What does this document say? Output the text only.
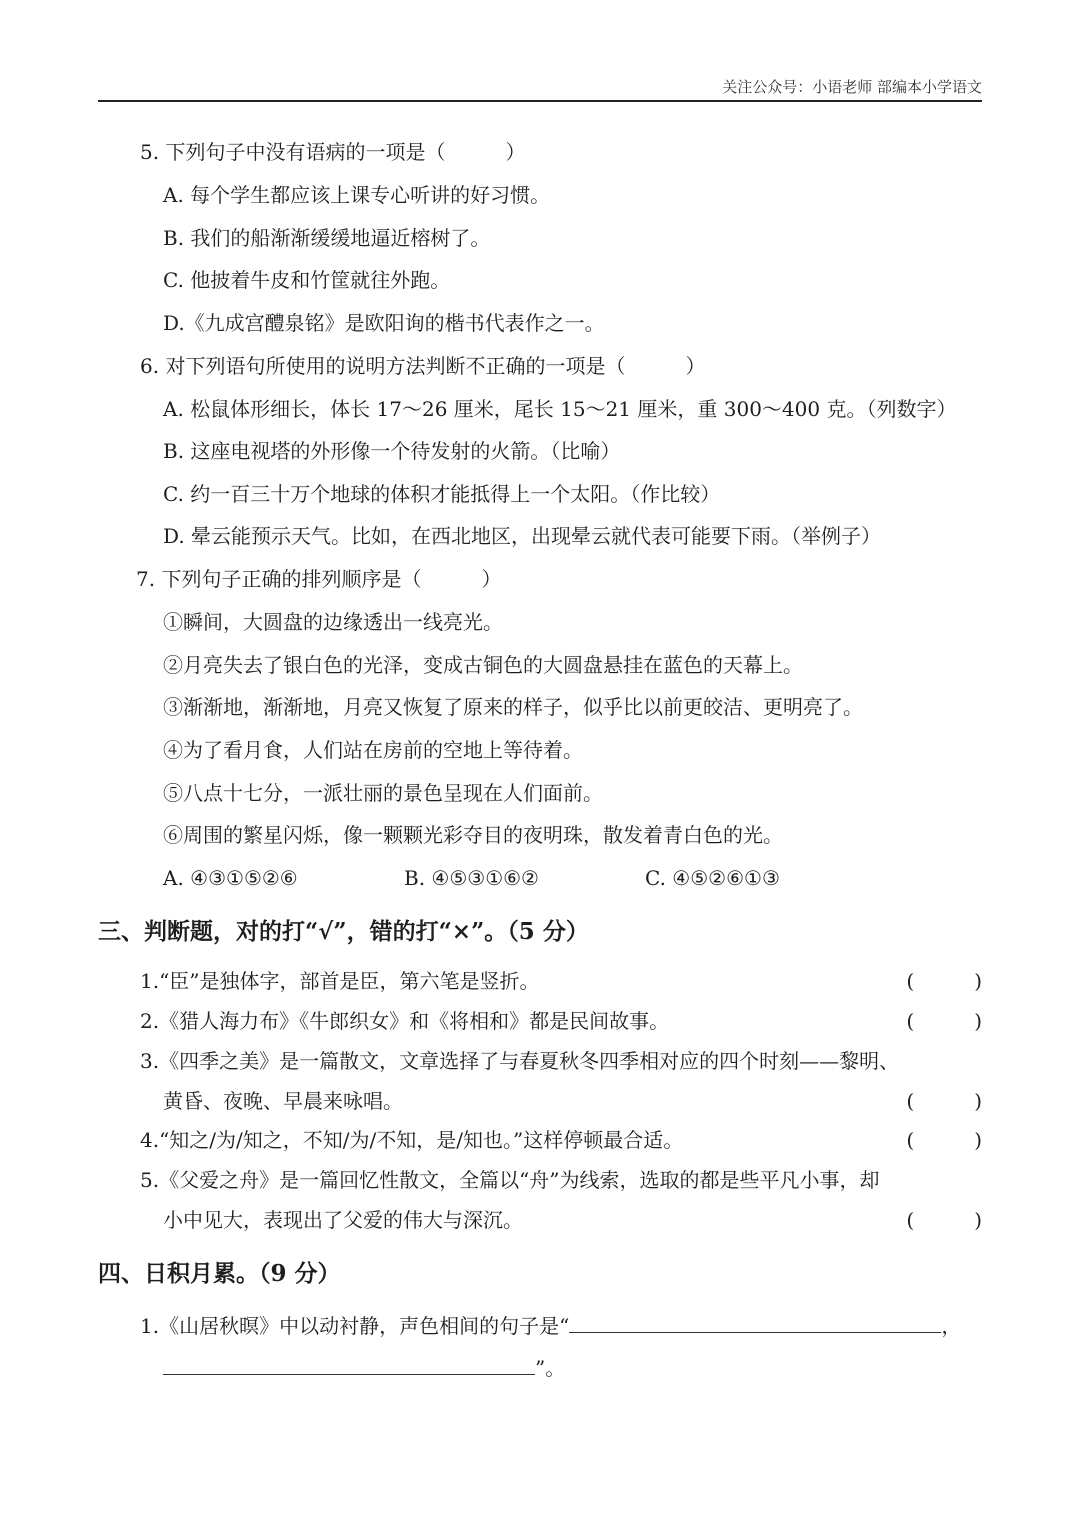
关注公众号：小语老师 部编本小学语文
5. 下列句子中没有语病的一项是（　　　）
A. 每个学生都应该上课专心听讲的好习惯。
B. 我们的船渐渐缓缓地逼近榕树了。
C. 他披着牛皮和竹筐就往外跑。
D.《九成宫醴泉铭》是欧阳询的楷书代表作之一。
6. 对下列语句所使用的说明方法判断不正确的一项是（　　　）
A. 松鼠体形细长，体长 17～26 厘米，尾长 15～21 厘米，重 300～400 克。（列数字）
B. 这座电视塔的外形像一个待发射的火箭。（比喻）
C. 约一百三十万个地球的体积才能抵得上一个太阳。（作比较）
D. 晕云能预示天气。比如，在西北地区，出现晕云就代表可能要下雨。（举例子）
7. 下列句子正确的排列顺序是（　　　）
①瞬间，大圆盘的边缘透出一线亮光。
②月亮失去了银白色的光泽，变成古铜色的大圆盘悬挂在蓝色的天幕上。
③渐渐地，渐渐地，月亮又恢复了原来的样子，似乎比以前更皎洁、更明亮了。
④为了看月食，人们站在房前的空地上等待着。
⑤八点十七分，一派壮丽的景色呈现在人们面前。
⑥周围的繁星闪烁，像一颗颗光彩夺目的夜明珠，散发着青白色的光。
A. ④③①⑤②⑥	B. ④⑤③①⑥②	C. ④⑤②⑥①③
三、判断题，对的打“√”，错的打“×”。（5 分）
1.“臣”是独体字，部首是臣，第六笔是竖折。	(　　　)
2.《猎人海力布》《牛郎织女》和《将相和》都是民间故事。	(　　　)
3.《四季之美》是一篇散文，文章选择了与春夏秋冬四季相对应的四个时刻——黎明、
黄昏、夜晚、早晨来咏唱。	(　　　)
4.“知之/为/知之，不知/为/不知，是/知也。”这样停顿最合适。	(　　　)
5.《父爱之舟》是一篇回忆性散文，全篇以“舟”为线索，选取的都是些平凡小事，却
小中见大，表现出了父爱的伟大与深沉。	(　　　)
四、日积月累。（9 分）
1.《山居秋暝》中以动衬静，声色相间的句子是“	，
”。
